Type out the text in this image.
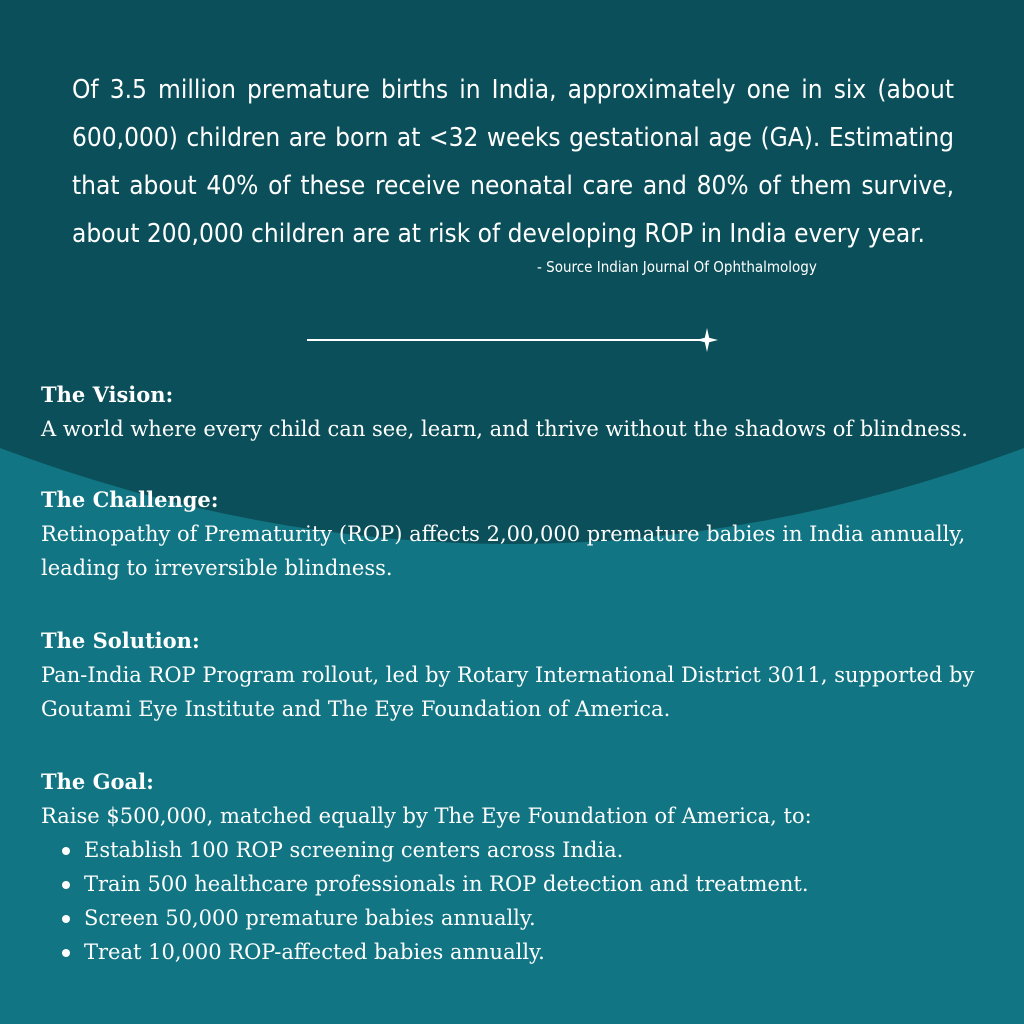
Of 3.5 million premature births in India, approximately one in six (about 600,000) children are born at <32 weeks gestational age (GA). Estimating that about 40% of these receive neonatal care and 80% of them survive, about 200,000 children are at risk of developing ROP in India every year.

- Source Indian Journal Of Ophthalmology

The Vision:

A world where every child can see, learn, and thrive without the shadows of blindness.

The Challenge:

Retinopathy of Prematurity (ROP) affects 2,00,000 premature babies in India annually, leading to irreversible blindness.

The Solution:

Pan-India ROP Program rollout, led by Rotary International District 3011, supported by Goutami Eye Institute and The Eye Foundation of America.

The Goal:

Raise $500,000, matched equally by The Eye Foundation of America, to:

Establish 100 ROP screening centers across India.
Train 500 healthcare professionals in ROP detection and treatment.
Screen 50,000 premature babies annually.
Treat 10,000 ROP-affected babies annually.
